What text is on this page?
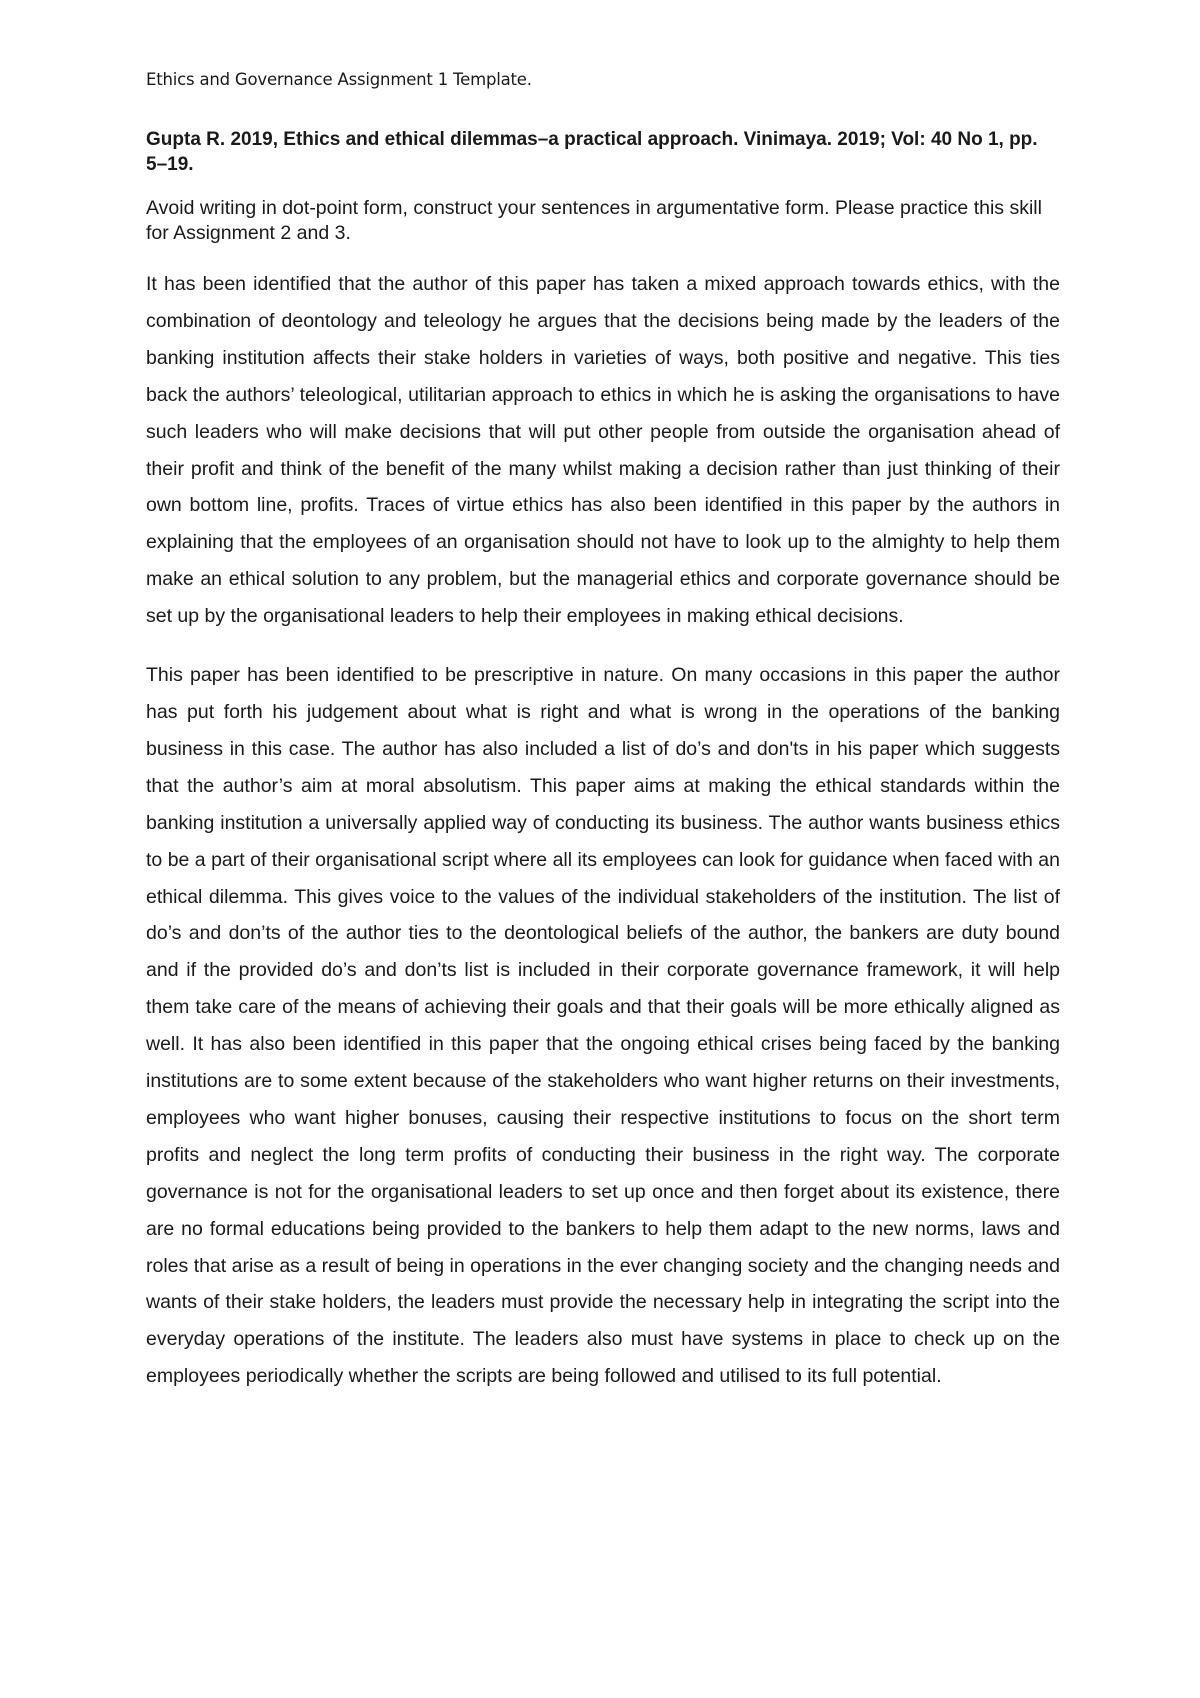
Ethics and Governance Assignment 1 Template.

Gupta R. 2019, Ethics and ethical dilemmas–a practical approach. Vinimaya. 2019; Vol: 40 No 1, pp. 5–19.

Avoid writing in dot-point form, construct your sentences in argumentative form. Please practice this skill for Assignment 2 and 3.

It has been identified that the author of this paper has taken a mixed approach towards ethics, with the combination of deontology and teleology he argues that the decisions being made by the leaders of the banking institution affects their stake holders in varieties of ways, both positive and negative. This ties back the authors’ teleological, utilitarian approach to ethics in which he is asking the organisations to have such leaders who will make decisions that will put other people from outside the organisation ahead of their profit and think of the benefit of the many whilst making a decision rather than just thinking of their own bottom line, profits. Traces of virtue ethics has also been identified in this paper by the authors in explaining that the employees of an organisation should not have to look up to the almighty to help them make an ethical solution to any problem, but the managerial ethics and corporate governance should be set up by the organisational leaders to help their employees in making ethical decisions.

This paper has been identified to be prescriptive in nature. On many occasions in this paper the author has put forth his judgement about what is right and what is wrong in the operations of the banking business in this case. The author has also included a list of do’s and don'ts in his paper which suggests that the author’s aim at moral absolutism. This paper aims at making the ethical standards within the banking institution a universally applied way of conducting its business. The author wants business ethics to be a part of their organisational script where all its employees can look for guidance when faced with an ethical dilemma. This gives voice to the values of the individual stakeholders of the institution. The list of do’s and don’ts of the author ties to the deontological beliefs of the author, the bankers are duty bound and if the provided do’s and don’ts list is included in their corporate governance framework, it will help them take care of the means of achieving their goals and that their goals will be more ethically aligned as well. It has also been identified in this paper that the ongoing ethical crises being faced by the banking institutions are to some extent because of the stakeholders who want higher returns on their investments, employees who want higher bonuses, causing their respective institutions to focus on the short term profits and neglect the long term profits of conducting their business in the right way. The corporate governance is not for the organisational leaders to set up once and then forget about its existence, there are no formal educations being provided to the bankers to help them adapt to the new norms, laws and roles that arise as a result of being in operations in the ever changing society and the changing needs and wants of their stake holders, the leaders must provide the necessary help in integrating the script into the everyday operations of the institute. The leaders also must have systems in place to check up on the employees periodically whether the scripts are being followed and utilised to its full potential.
